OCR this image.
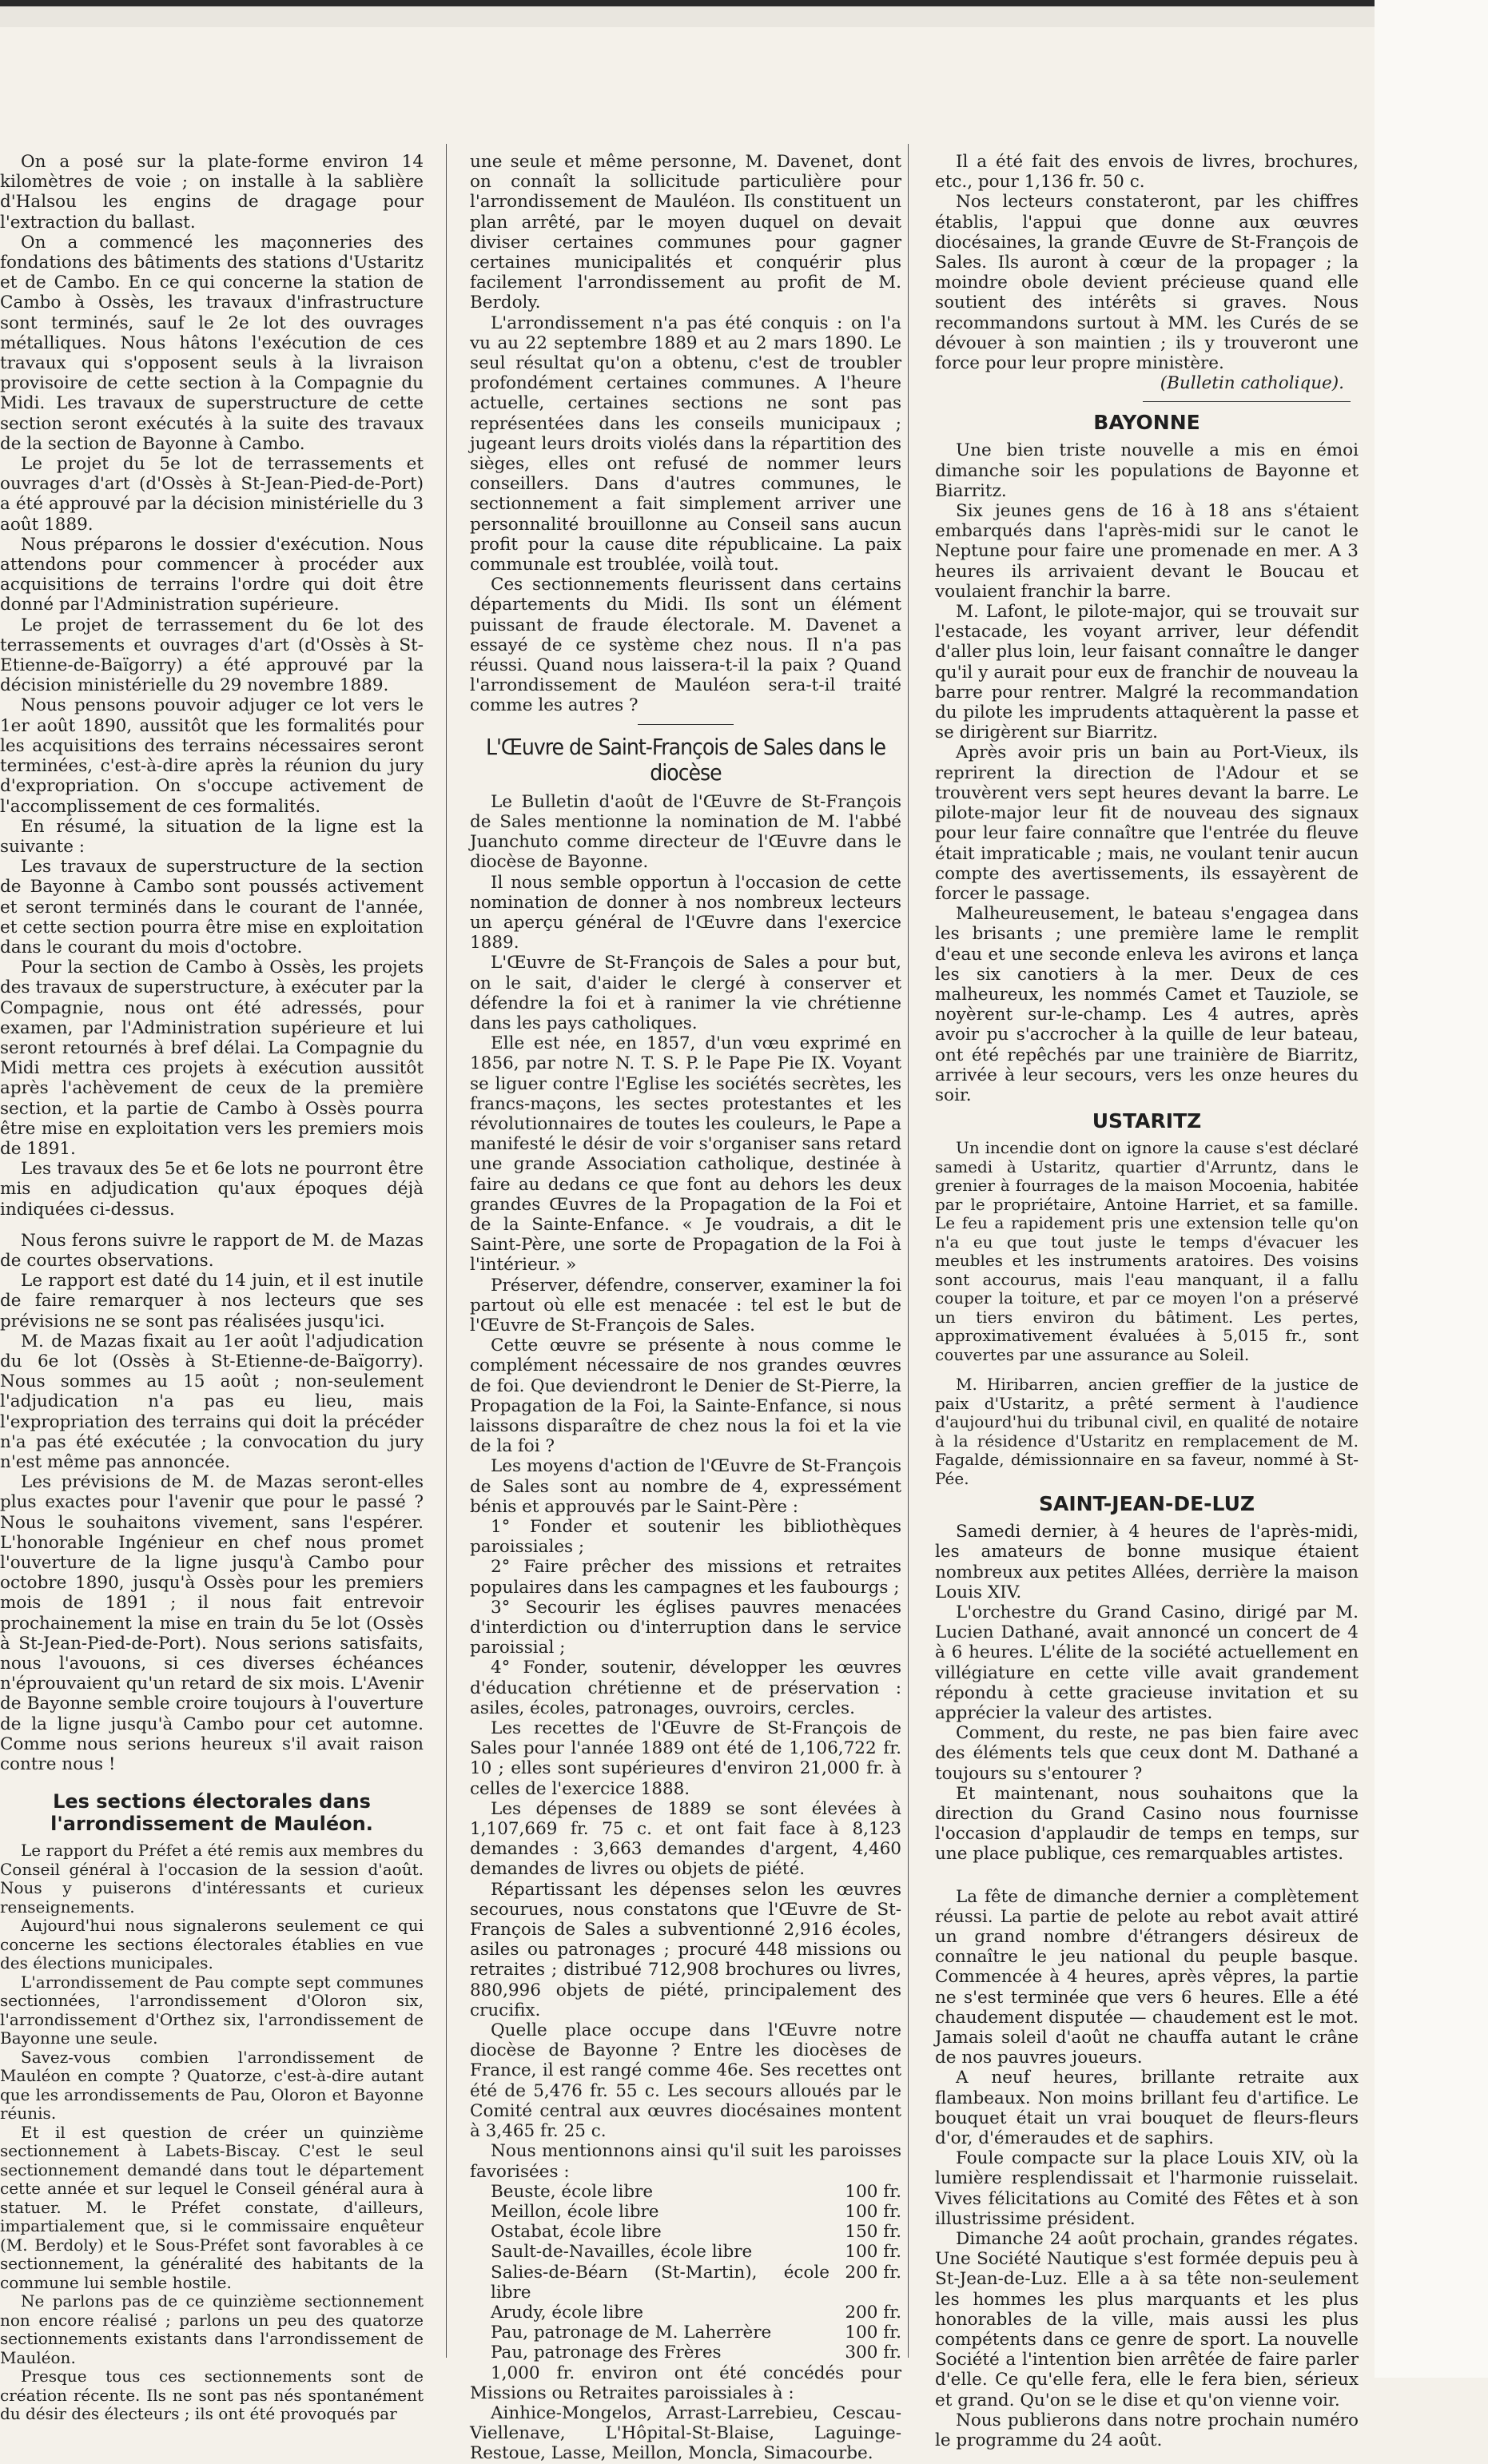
On a posé sur la plate-forme environ 14 kilomètres de voie ; on installe à la sablière d'Halsou les engins de dragage pour l'extraction du ballast.

On a commencé les maçonneries des fondations des bâtiments des stations d'Ustaritz et de Cambo. En ce qui concerne la station de Cambo à Ossès, les travaux d'infrastructure sont terminés, sauf le 2e lot des ouvrages métalliques. Nous hâtons l'exécution de ces travaux qui s'opposent seuls à la livraison provisoire de cette section à la Compagnie du Midi. Les travaux de superstructure de cette section seront exécutés à la suite des travaux de la section de Bayonne à Cambo.

Le projet du 5e lot de terrassements et ouvrages d'art (d'Ossès à St-Jean-Pied-de-Port) a été approuvé par la décision ministérielle du 3 août 1889.

Nous préparons le dossier d'exécution. Nous attendons pour commencer à procéder aux acquisitions de terrains l'ordre qui doit être donné par l'Administration supérieure.

Le projet de terrassement du 6e lot des terrassements et ouvrages d'art (d'Ossès à St-Etienne-de-Baïgorry) a été approuvé par la décision ministérielle du 29 novembre 1889.

Nous pensons pouvoir adjuger ce lot vers le 1er août 1890, aussitôt que les formalités pour les acquisitions des terrains nécessaires seront terminées, c'est-à-dire après la réunion du jury d'expropriation. On s'occupe activement de l'accomplissement de ces formalités.

En résumé, la situation de la ligne est la suivante :

Les travaux de superstructure de la section de Bayonne à Cambo sont poussés activement et seront terminés dans le courant de l'année, et cette section pourra être mise en exploitation dans le courant du mois d'octobre.

Pour la section de Cambo à Ossès, les projets des travaux de superstructure, à exécuter par la Compagnie, nous ont été adressés, pour examen, par l'Administration supérieure et lui seront retournés à bref délai. La Compagnie du Midi mettra ces projets à exécution aussitôt après l'achèvement de ceux de la première section, et la partie de Cambo à Ossès pourra être mise en exploitation vers les premiers mois de 1891.

Les travaux des 5e et 6e lots ne pourront être mis en adjudication qu'aux époques déjà indiquées ci-dessus.

Nous ferons suivre le rapport de M. de Mazas de courtes observations.

Le rapport est daté du 14 juin, et il est inutile de faire remarquer à nos lecteurs que ses prévisions ne se sont pas réalisées jusqu'ici.

M. de Mazas fixait au 1er août l'adjudication du 6e lot (Ossès à St-Etienne-de-Baïgorry). Nous sommes au 15 août ; non-seulement l'adjudication n'a pas eu lieu, mais l'expropriation des terrains qui doit la précéder n'a pas été exécutée ; la convocation du jury n'est même pas annoncée.

Les prévisions de M. de Mazas seront-elles plus exactes pour l'avenir que pour le passé ? Nous le souhaitons vivement, sans l'espérer. L'honorable Ingénieur en chef nous promet l'ouverture de la ligne jusqu'à Cambo pour octobre 1890, jusqu'à Ossès pour les premiers mois de 1891 ; il nous fait entrevoir prochainement la mise en train du 5e lot (Ossès à St-Jean-Pied-de-Port). Nous serions satisfaits, nous l'avouons, si ces diverses échéances n'éprouvaient qu'un retard de six mois. L'Avenir de Bayonne semble croire toujours à l'ouverture de la ligne jusqu'à Cambo pour cet automne. Comme nous serions heureux s'il avait raison contre nous !

Les sections électorales dans l'arrondissement de Mauléon.

Le rapport du Préfet a été remis aux membres du Conseil général à l'occasion de la session d'août. Nous y puiserons d'intéressants et curieux renseignements.

Aujourd'hui nous signalerons seulement ce qui concerne les sections électorales établies en vue des élections municipales.

L'arrondissement de Pau compte sept communes sectionnées, l'arrondissement d'Oloron six, l'arrondissement d'Orthez six, l'arrondissement de Bayonne une seule.

Savez-vous combien l'arrondissement de Mauléon en compte ? Quatorze, c'est-à-dire autant que les arrondissements de Pau, Oloron et Bayonne réunis.

Et il est question de créer un quinzième sectionnement à Labets-Biscay. C'est le seul sectionnement demandé dans tout le département cette année et sur lequel le Conseil général aura à statuer. M. le Préfet constate, d'ailleurs, impartialement que, si le commissaire enquêteur (M. Berdoly) et le Sous-Préfet sont favorables à ce sectionnement, la généralité des habitants de la commune lui semble hostile.

Ne parlons pas de ce quinzième sectionnement non encore réalisé ; parlons un peu des quatorze sectionnements existants dans l'arrondissement de Mauléon.

Presque tous ces sectionnements sont de création récente. Ils ne sont pas nés spontanément du désir des électeurs ; ils ont été provoqués par

une seule et même personne, M. Davenet, dont on connaît la sollicitude particulière pour l'arrondissement de Mauléon. Ils constituent un plan arrêté, par le moyen duquel on devait diviser certaines communes pour gagner certaines municipalités et conquérir plus facilement l'arrondissement au profit de M. Berdoly.

L'arrondissement n'a pas été conquis : on l'a vu au 22 septembre 1889 et au 2 mars 1890. Le seul résultat qu'on a obtenu, c'est de troubler profondément certaines communes. A l'heure actuelle, certaines sections ne sont pas représentées dans les conseils municipaux ; jugeant leurs droits violés dans la répartition des sièges, elles ont refusé de nommer leurs conseillers. Dans d'autres communes, le sectionnement a fait simplement arriver une personnalité brouillonne au Conseil sans aucun profit pour la cause dite républicaine. La paix communale est troublée, voilà tout.

Ces sectionnements fleurissent dans certains départements du Midi. Ils sont un élément puissant de fraude électorale. M. Davenet a essayé de ce système chez nous. Il n'a pas réussi. Quand nous laissera-t-il la paix ? Quand l'arrondissement de Mauléon sera-t-il traité comme les autres ?

L'Œuvre de Saint-François de Sales dans le diocèse

Le Bulletin d'août de l'Œuvre de St-François de Sales mentionne la nomination de M. l'abbé Juanchuto comme directeur de l'Œuvre dans le diocèse de Bayonne.

Il nous semble opportun à l'occasion de cette nomination de donner à nos nombreux lecteurs un aperçu général de l'Œuvre dans l'exercice 1889.

L'Œuvre de St-François de Sales a pour but, on le sait, d'aider le clergé à conserver et défendre la foi et à ranimer la vie chrétienne dans les pays catholiques.

Elle est née, en 1857, d'un vœu exprimé en 1856, par notre N. T. S. P. le Pape Pie IX. Voyant se liguer contre l'Eglise les sociétés secrètes, les francs-maçons, les sectes protestantes et les révolutionnaires de toutes les couleurs, le Pape a manifesté le désir de voir s'organiser sans retard une grande Association catholique, destinée à faire au dedans ce que font au dehors les deux grandes Œuvres de la Propagation de la Foi et de la Sainte-Enfance. « Je voudrais, a dit le Saint-Père, une sorte de Propagation de la Foi à l'intérieur. »

Préserver, défendre, conserver, examiner la foi partout où elle est menacée : tel est le but de l'Œuvre de St-François de Sales.

Cette œuvre se présente à nous comme le complément nécessaire de nos grandes œuvres de foi. Que deviendront le Denier de St-Pierre, la Propagation de la Foi, la Sainte-Enfance, si nous laissons disparaître de chez nous la foi et la vie de la foi ?

Les moyens d'action de l'Œuvre de St-François de Sales sont au nombre de 4, expressément bénis et approuvés par le Saint-Père :

1° Fonder et soutenir les bibliothèques paroissiales ;

2° Faire prêcher des missions et retraites populaires dans les campagnes et les faubourgs ;

3° Secourir les églises pauvres menacées d'interdiction ou d'interruption dans le service paroissial ;

4° Fonder, soutenir, développer les œuvres d'éducation chrétienne et de préservation : asiles, écoles, patronages, ouvroirs, cercles.

Les recettes de l'Œuvre de St-François de Sales pour l'année 1889 ont été de 1,106,722 fr. 10 ; elles sont supérieures d'environ 21,000 fr. à celles de l'exercice 1888.

Les dépenses de 1889 se sont élevées à 1,107,669 fr. 75 c. et ont fait face à 8,123 demandes : 3,663 demandes d'argent, 4,460 demandes de livres ou objets de piété.

Répartissant les dépenses selon les œuvres secourues, nous constatons que l'Œuvre de St-François de Sales a subventionné 2,916 écoles, asiles ou patronages ; procuré 448 missions ou retraites ; distribué 712,908 brochures ou livres, 880,996 objets de piété, principalement des crucifix.

Quelle place occupe dans l'Œuvre notre diocèse de Bayonne ? Entre les diocèses de France, il est rangé comme 46e. Ses recettes ont été de 5,476 fr. 55 c. Les secours alloués par le Comité central aux œuvres diocésaines montent à 3,465 fr. 25 c.

Nous mentionnons ainsi qu'il suit les paroisses favorisées :

Beuste, école libre	100 fr.
Meillon, école libre	100 fr.
Ostabat, école libre	150 fr.
Sault-de-Navailles, école libre	100 fr.
Salies-de-Béarn (St-Martin), école libre	200 fr.
Arudy, école libre	200 fr.
Pau, patronage de M. Laherrère	100 fr.
Pau, patronage des Frères	300 fr.

1,000 fr. environ ont été concédés pour Missions ou Retraites paroissiales à :

Ainhice-Mongelos, Arrast-Larrebieu, Cescau-Viellenave, L'Hôpital-St-Blaise, Laguinge-Restoue, Lasse, Meillon, Moncla, Simacourbe.

Il a été fait des envois de livres, brochures, etc., pour 1,136 fr. 50 c.

Nos lecteurs constateront, par les chiffres établis, l'appui que donne aux œuvres diocésaines, la grande Œuvre de St-François de Sales. Ils auront à cœur de la propager ; la moindre obole devient précieuse quand elle soutient des intérêts si graves. Nous recommandons surtout à MM. les Curés de se dévouer à son maintien ; ils y trouveront une force pour leur propre ministère.

(Bulletin catholique).
BAYONNE

Une bien triste nouvelle a mis en émoi dimanche soir les populations de Bayonne et Biarritz.

Six jeunes gens de 16 à 18 ans s'étaient embarqués dans l'après-midi sur le canot le Neptune pour faire une promenade en mer. A 3 heures ils arrivaient devant le Boucau et voulaient franchir la barre.

M. Lafont, le pilote-major, qui se trouvait sur l'estacade, les voyant arriver, leur défendit d'aller plus loin, leur faisant connaître le danger qu'il y aurait pour eux de franchir de nouveau la barre pour rentrer. Malgré la recommandation du pilote les imprudents attaquèrent la passe et se dirigèrent sur Biarritz.

Après avoir pris un bain au Port-Vieux, ils reprirent la direction de l'Adour et se trouvèrent vers sept heures devant la barre. Le pilote-major leur fit de nouveau des signaux pour leur faire connaître que l'entrée du fleuve était impraticable ; mais, ne voulant tenir aucun compte des avertissements, ils essayèrent de forcer le passage.

Malheureusement, le bateau s'engagea dans les brisants ; une première lame le remplit d'eau et une seconde enleva les avirons et lança les six canotiers à la mer. Deux de ces malheureux, les nommés Camet et Tauziole, se noyèrent sur-le-champ. Les 4 autres, après avoir pu s'accrocher à la quille de leur bateau, ont été repêchés par une trainière de Biarritz, arrivée à leur secours, vers les onze heures du soir.

USTARITZ

Un incendie dont on ignore la cause s'est déclaré samedi à Ustaritz, quartier d'Arruntz, dans le grenier à fourrages de la maison Mocoenia, habitée par le propriétaire, Antoine Harriet, et sa famille. Le feu a rapidement pris une extension telle qu'on n'a eu que tout juste le temps d'évacuer les meubles et les instruments aratoires. Des voisins sont accourus, mais l'eau manquant, il a fallu couper la toiture, et par ce moyen l'on a préservé un tiers environ du bâtiment. Les pertes, approximativement évaluées à 5,015 fr., sont couvertes par une assurance au Soleil.

M. Hiribarren, ancien greffier de la justice de paix d'Ustaritz, a prêté serment à l'audience d'aujourd'hui du tribunal civil, en qualité de notaire à la résidence d'Ustaritz en remplacement de M. Fagalde, démissionnaire en sa faveur, nommé à St-Pée.

SAINT-JEAN-DE-LUZ

Samedi dernier, à 4 heures de l'après-midi, les amateurs de bonne musique étaient nombreux aux petites Allées, derrière la maison Louis XIV.

L'orchestre du Grand Casino, dirigé par M. Lucien Dathané, avait annoncé un concert de 4 à 6 heures. L'élite de la société actuellement en villégiature en cette ville avait grandement répondu à cette gracieuse invitation et su apprécier la valeur des artistes.

Comment, du reste, ne pas bien faire avec des éléments tels que ceux dont M. Dathané a toujours su s'entourer ?

Et maintenant, nous souhaitons que la direction du Grand Casino nous fournisse l'occasion d'applaudir de temps en temps, sur une place publique, ces remarquables artistes.

La fête de dimanche dernier a complètement réussi. La partie de pelote au rebot avait attiré un grand nombre d'étrangers désireux de connaître le jeu national du peuple basque. Commencée à 4 heures, après vêpres, la partie ne s'est terminée que vers 6 heures. Elle a été chaudement disputée — chaudement est le mot. Jamais soleil d'août ne chauffa autant le crâne de nos pauvres joueurs.

A neuf heures, brillante retraite aux flambeaux. Non moins brillant feu d'artifice. Le bouquet était un vrai bouquet de fleurs-fleurs d'or, d'émeraudes et de saphirs.

Foule compacte sur la place Louis XIV, où la lumière resplendissait et l'harmonie ruisselait. Vives félicitations au Comité des Fêtes et à son illustrissime président.

Dimanche 24 août prochain, grandes régates. Une Société Nautique s'est formée depuis peu à St-Jean-de-Luz. Elle a à sa tête non-seulement les hommes les plus marquants et les plus honorables de la ville, mais aussi les plus compétents dans ce genre de sport. La nouvelle Société a l'intention bien arrêtée de faire parler d'elle. Ce qu'elle fera, elle le fera bien, sérieux et grand. Qu'on se le dise et qu'on vienne voir.

Nous publierons dans notre prochain numéro le programme du 24 août.
